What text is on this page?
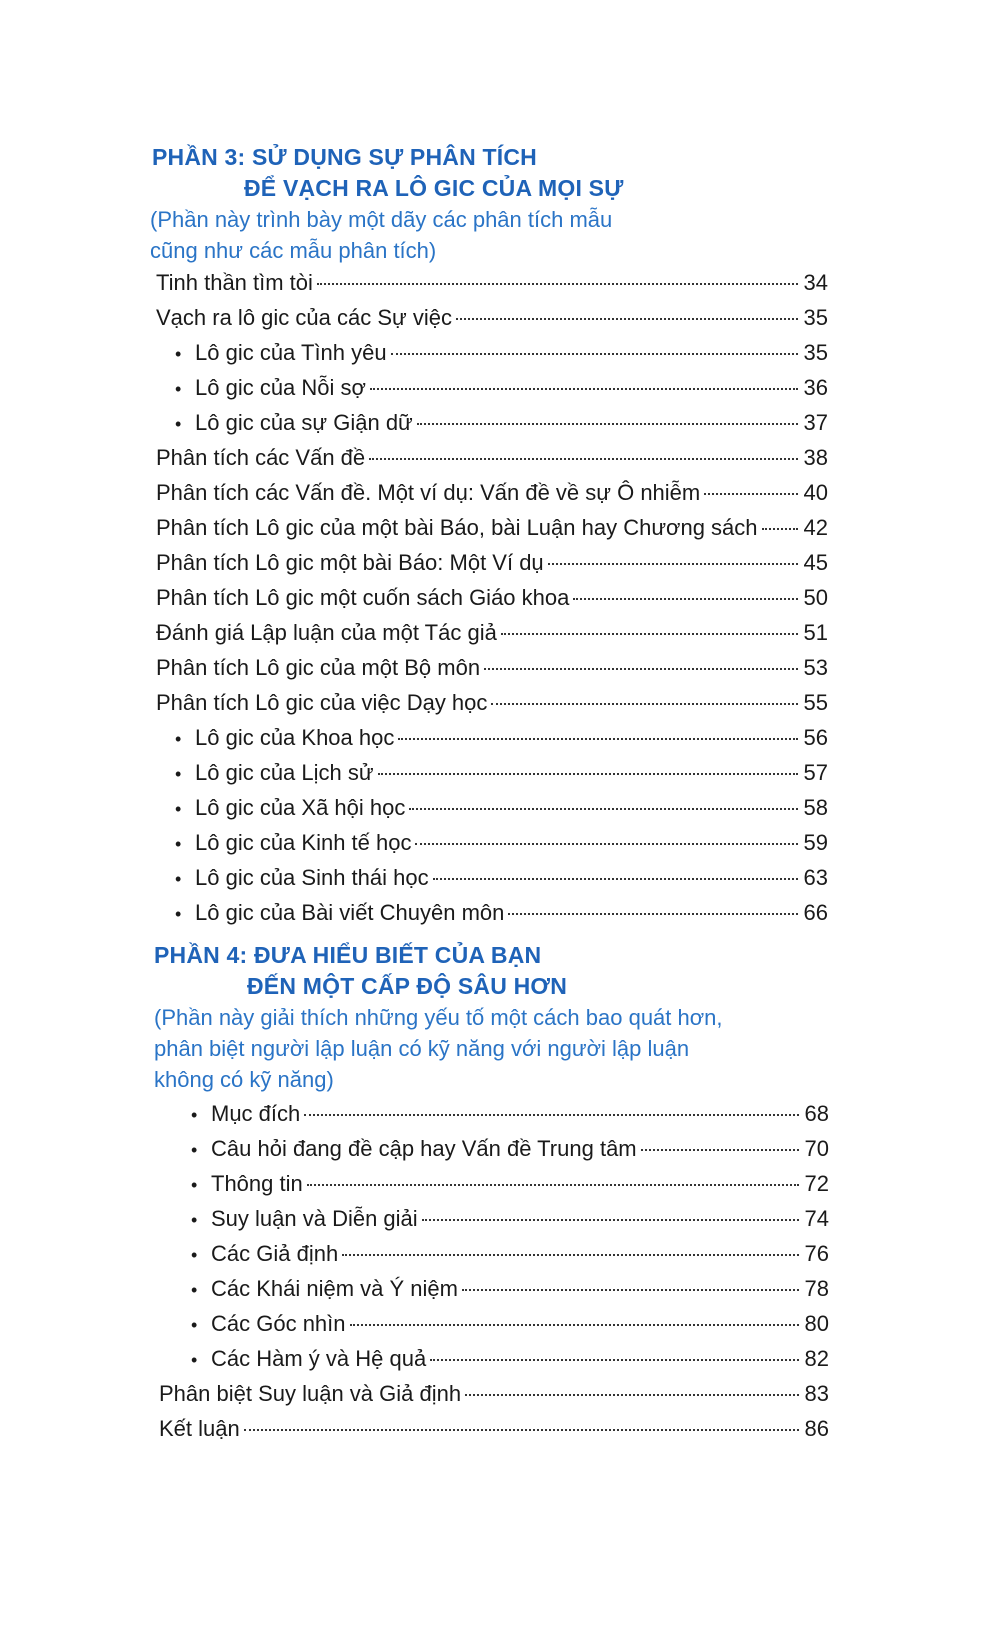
PHẦN 3: SỬ DỤNG SỰ PHÂN TÍCH
ĐỂ VẠCH RA LÔ GIC CỦA MỌI SỰ
(Phần này trình bày một dãy các phân tích mẫu
cũng như các mẫu phân tích)
Tinh thần tìm tòi	34
Vạch ra lô gic của các Sự việc	35
• Lô gic của Tình yêu	35
• Lô gic của Nỗi sợ	36
• Lô gic của sự Giận dữ	37
Phân tích các Vấn đề	38
Phân tích các Vấn đề. Một ví dụ: Vấn đề về sự Ô nhiễm	40
Phân tích Lô gic của một bài Báo, bài Luận hay Chương sách 42
Phân tích Lô gic một bài Báo: Một Ví dụ	45
Phân tích Lô gic một cuốn sách Giáo khoa	50
Đánh giá Lập luận của một Tác giả	51
Phân tích Lô gic của một Bộ môn	53
Phân tích Lô gic của việc Dạy học	55
• Lô gic của Khoa học	56
• Lô gic của Lịch sử	57
• Lô gic của Xã hội học	58
• Lô gic của Kinh tế học	59
• Lô gic của Sinh thái học	63
• Lô gic của Bài viết Chuyên môn	66
PHẦN 4: ĐƯA HIỂU BIẾT CỦA BẠN
ĐẾN MỘT CẤP ĐỘ SÂU HƠN
(Phần này giải thích những yếu tố một cách bao quát hơn,
phân biệt người lập luận có kỹ năng với người lập luận
không có kỹ năng)
• Mục đích	68
• Câu hỏi đang đề cập hay Vấn đề Trung tâm	70
• Thông tin	72
• Suy luận và Diễn giải	74
• Các Giả định	76
• Các Khái niệm và Ý niệm	78
• Các Góc nhìn	80
• Các Hàm ý và Hệ quả	82
Phân biệt Suy luận và Giả định	83
Kết luận	86
